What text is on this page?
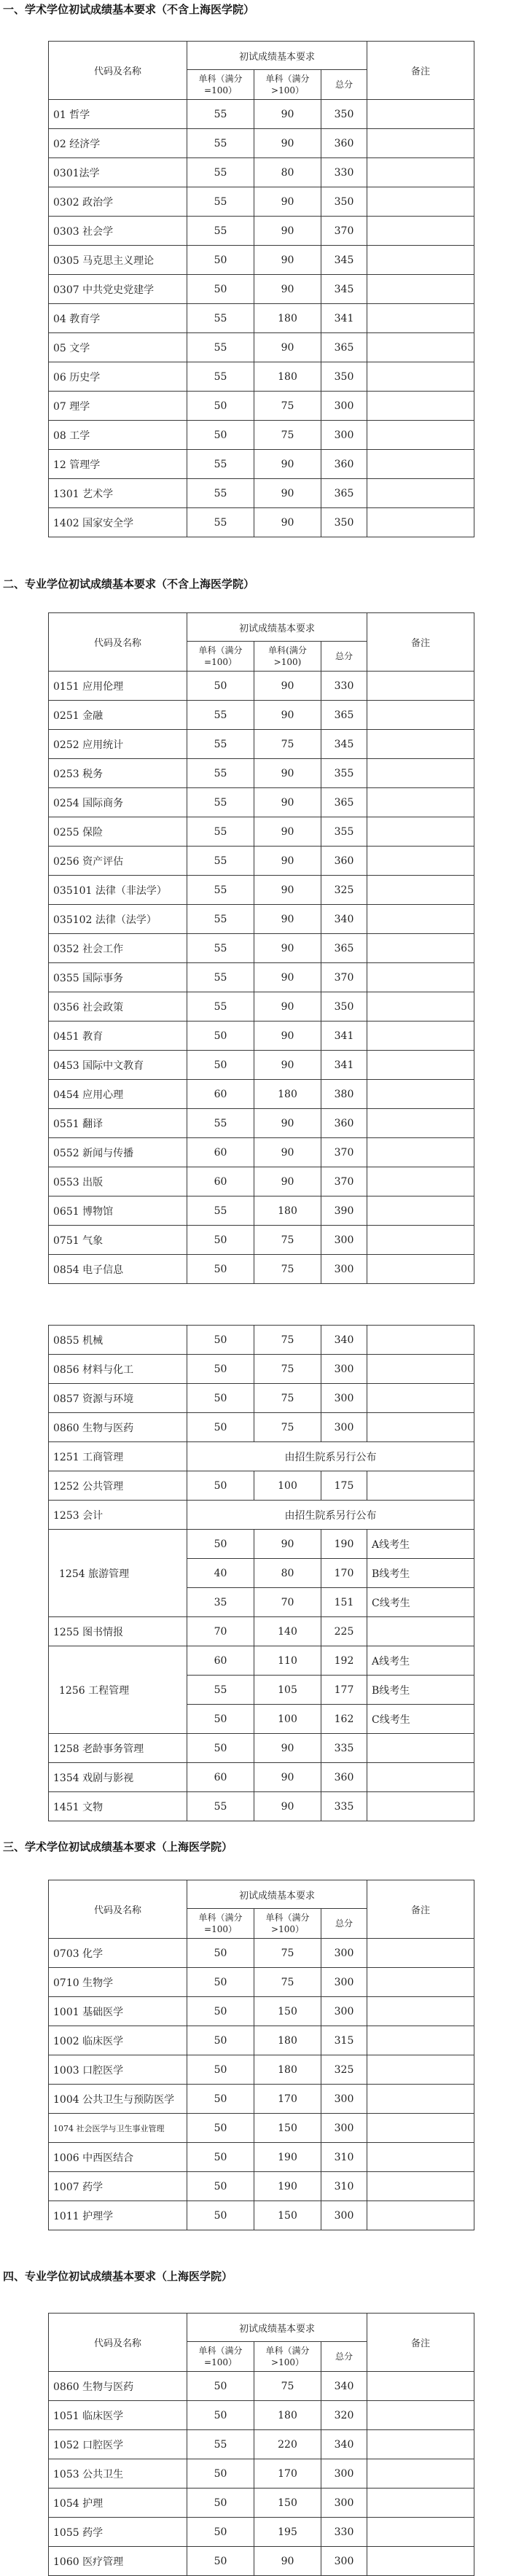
一、学术学位初试成绩基本要求（不含上海医学院）
代码及名称	初试成绩基本要求			备注
	单科（满分=100）	单科（满分>100）	总分	
01 哲学	55	90	350	
02 经济学	55	90	360	
0301法学	55	80	330	
0302 政治学	55	90	350	
0303 社会学	55	90	370	
0305 马克思主义理论	50	90	345	
0307 中共党史党建学	50	90	345	
04 教育学	55	180	341	
05 文学	55	90	365	
06 历史学	55	180	350	
07 理学	50	75	300	
08 工学	50	75	300	
12 管理学	55	90	360	
1301 艺术学	55	90	365	
1402 国家安全学	55	90	350	
二、专业学位初试成绩基本要求（不含上海医学院）
代码及名称	初试成绩基本要求			备注
	单科（满分=100）	单科(满分>100)	总分	
0151 应用伦理	50	90	330	
0251 金融	55	90	365	
0252 应用统计	55	75	345	
0253 税务	55	90	355	
0254 国际商务	55	90	365	
0255 保险	55	90	355	
0256 资产评估	55	90	360	
035101 法律（非法学）	55	90	325	
035102 法律（法学）	55	90	340	
0352 社会工作	55	90	365	
0355 国际事务	55	90	370	
0356 社会政策	55	90	350	
0451 教育	50	90	341	
0453 国际中文教育	50	90	341	
0454 应用心理	60	180	380	
0551 翻译	55	90	360	
0552 新闻与传播	60	90	370	
0553 出版	60	90	370	
0651 博物馆	55	180	390	
0751 气象	50	75	300	
0854 电子信息	50	75	300	
0855 机械	50	75	340	
0856 材料与化工	50	75	300	
0857 资源与环境	50	75	300	
0860 生物与医药	50	75	300	
1251 工商管理	由招生院系另行公布			
1252 公共管理	50	100	175	
1253 会计	由招生院系另行公布			
1254 旅游管理	50	90	190	A线考生
	40	80	170	B线考生
	35	70	151	C线考生
1255 图书情报	70	140	225	
1256 工程管理	60	110	192	A线考生
	55	105	177	B线考生
	50	100	162	C线考生
1258 老龄事务管理	50	90	335	
1354 戏剧与影视	60	90	360	
1451 文物	55	90	335	
三、学术学位初试成绩基本要求（上海医学院）
代码及名称	初试成绩基本要求			备注
	单科（满分=100）	单科（满分>100）	总分	
0703 化学	50	75	300	
0710 生物学	50	75	300	
1001 基础医学	50	150	300	
1002 临床医学	50	180	315	
1003 口腔医学	50	180	325	
1004 公共卫生与预防医学	50	170	300	
1074 社会医学与卫生事业管理	50	150	300	
1006 中西医结合	50	190	310	
1007 药学	50	190	310	
1011 护理学	50	150	300	
四、专业学位初试成绩基本要求（上海医学院）
代码及名称	初试成绩基本要求			备注
	单科（满分=100）	单科（满分>100）	总分	
0860 生物与医药	50	75	340	
1051 临床医学	50	180	320	
1052 口腔医学	55	220	340	
1053 公共卫生	50	170	300	
1054 护理	50	150	300	
1055 药学	50	195	330	
1060 医疗管理	50	90	300	
